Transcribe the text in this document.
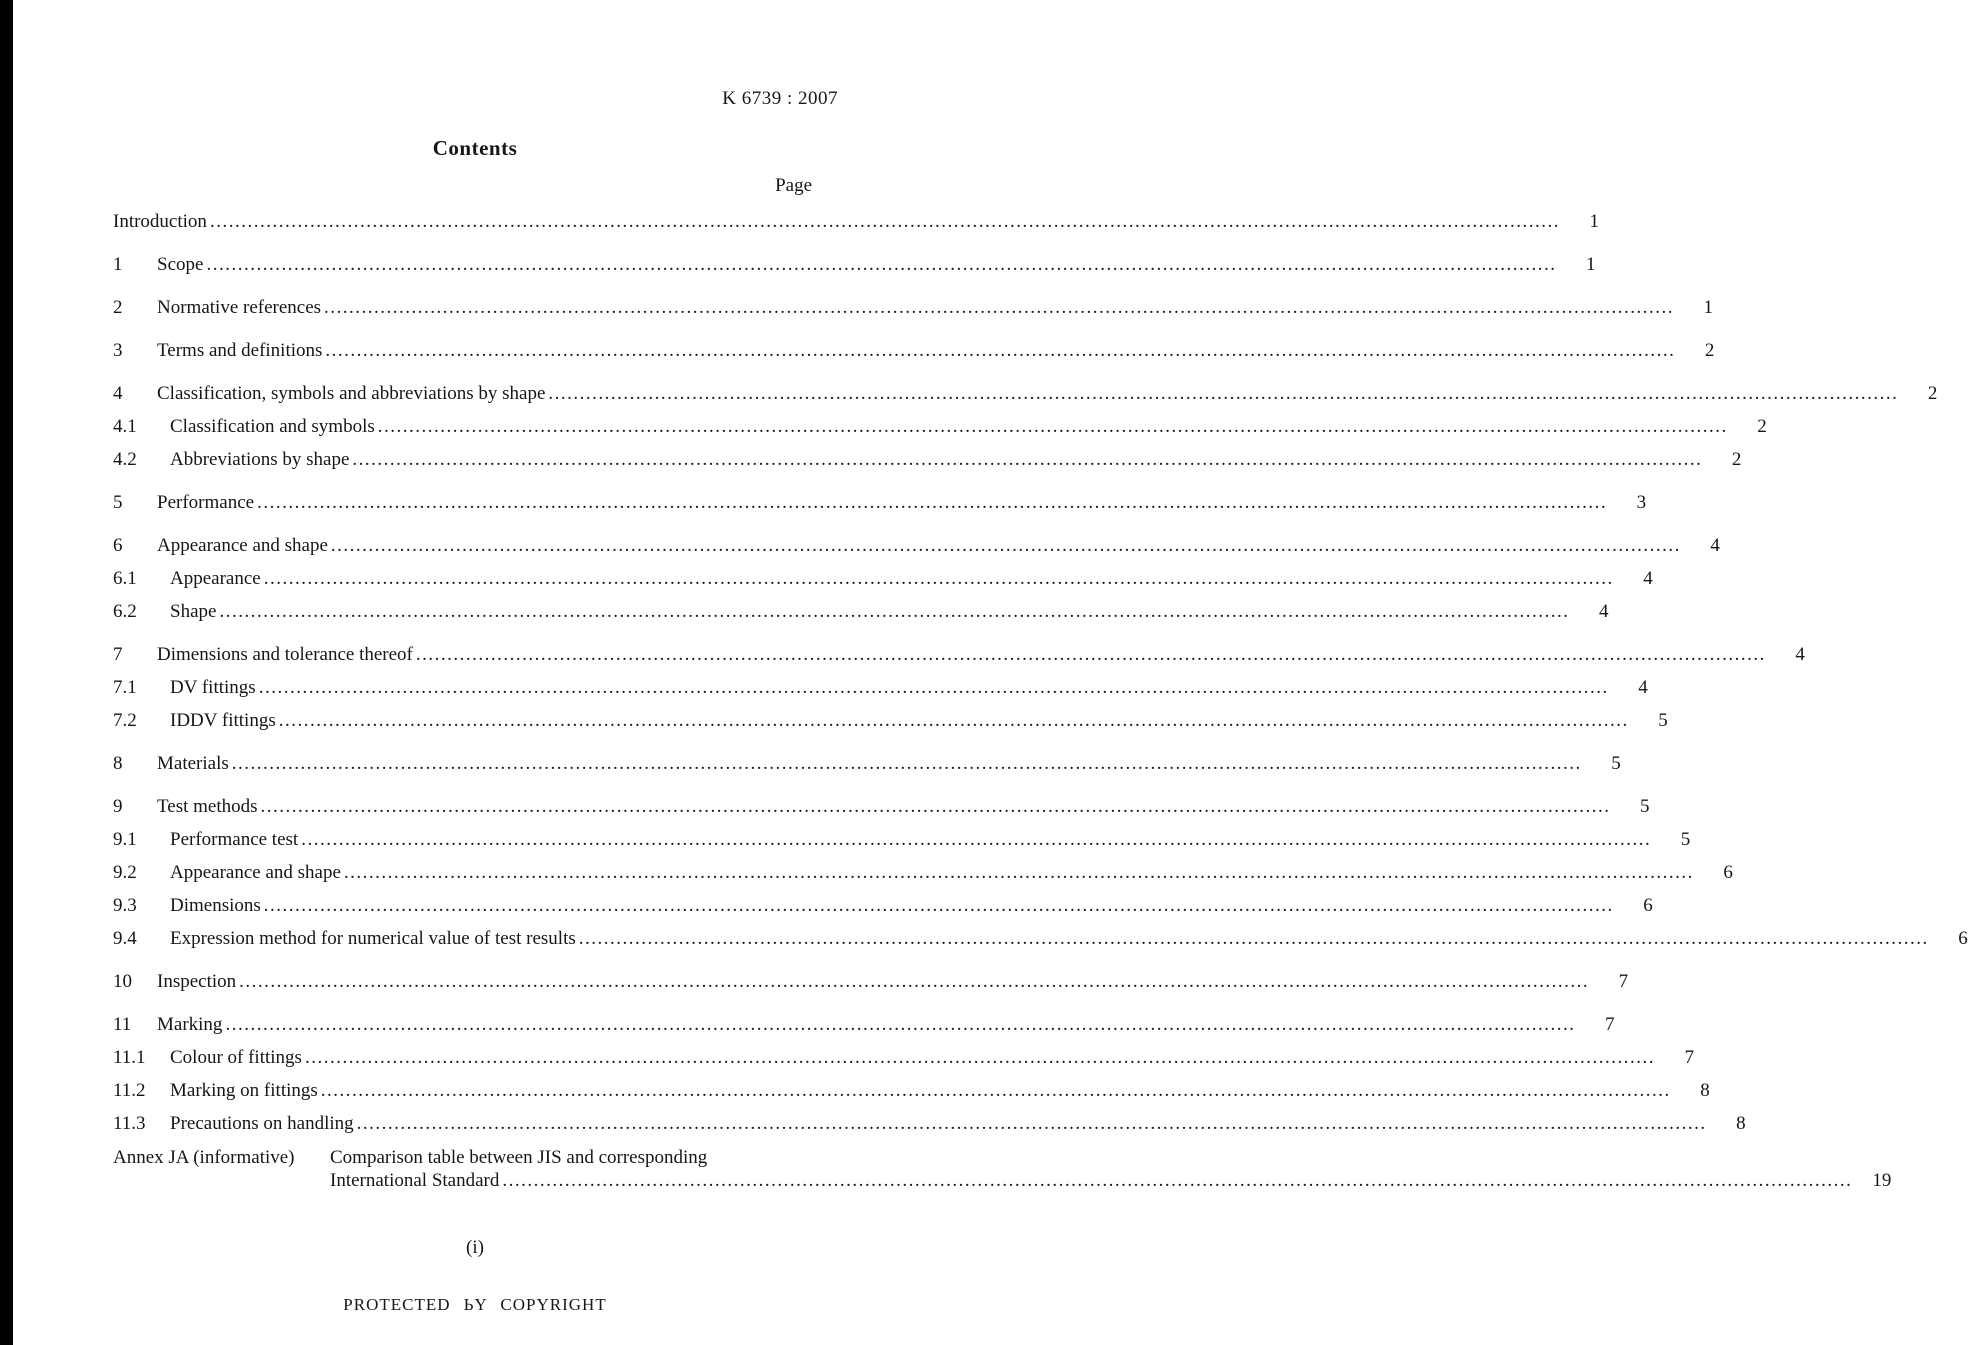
K 6739 : 2007
Contents
Page
Introduction .....	1
1	Scope .....	1
2	Normative references .....	1
3	Terms and definitions .....	2
4	Classification, symbols and abbreviations by shape .....	2
4.1	Classification and symbols .....	2
4.2	Abbreviations by shape .....	2
5	Performance .....	3
6	Appearance and shape .....	4
6.1	Appearance .....	4
6.2	Shape .....	4
7	Dimensions and tolerance thereof .....	4
7.1	DV fittings .....	4
7.2	IDDV fittings .....	5
8	Materials .....	5
9	Test methods .....	5
9.1	Performance test .....	5
9.2	Appearance and shape .....	6
9.3	Dimensions .....	6
9.4	Expression method for numerical value of test results .....	6
10	Inspection .....	7
11	Marking .....	7
11.1	Colour of fittings .....	7
11.2	Marking on fittings .....	8
11.3	Precautions on handling .....	8
Annex JA (informative)	Comparison table between JIS and corresponding
International Standard .....	19
(i)
PROTECTED ЬY COPYRIGHT
